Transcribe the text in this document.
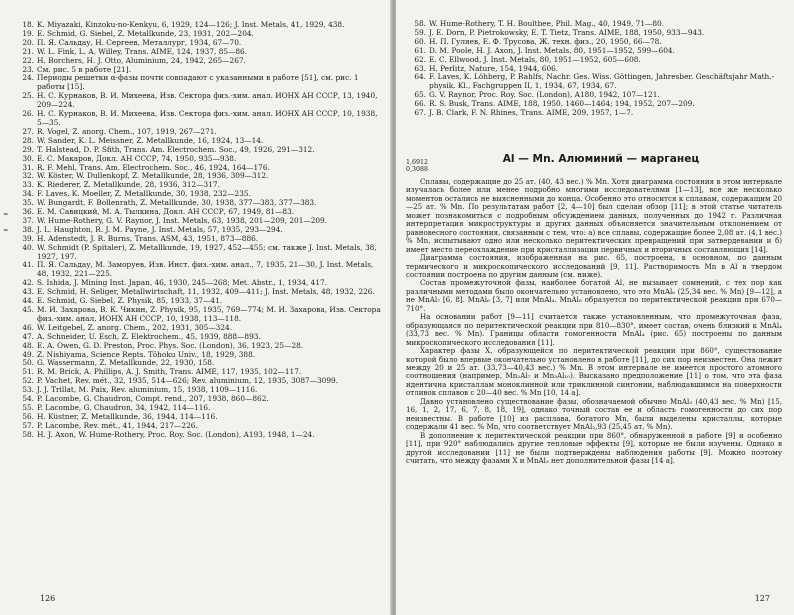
18. K. Miyazaki, Kinzoku-no-Kenkyu, 6, 1929, 124—126; J. Inst. Metals, 41, 1929, 438.
19. E. Schmid, G. Siebel, Z. Metallkunde, 23, 1931, 202—204.
20. П. Я. Сальдау, Н. Сергеев, Металлург, 1934, 67—70.
21. W. L. Fink, L. A. Willey, Trans. AIME, 124, 1937, 85—86.
22. H. Borchers, H. J. Otto, Aluminium, 24, 1942, 265—267.
23. См. рис. 5 в работе [21].
24. Периоды решетки α-фазы почти совпадают с указанными в работе [51], см. рис. 1 работы [15].
25. Н. С. Курнаков, В. И. Михеева, Изв. Сектора физ.-хим. анал. ИОНХ АН СССР, 13, 1940, 209—224.
26. Н. С. Курнаков, В. И. Михеева, Изв. Сектора физ.-хим. анал. ИОНХ АН СССР, 10, 1938, 5—35.
27. R. Vogel, Z. anorg. Chem., 107, 1919, 267—271.
28. W. Sander, K. L. Meissner, Z. Metallkunde, 16, 1924, 13—14.
29. T. Halstead, D. P. Sfith, Trans. Am. Electrochem. Soc., 49, 1926, 291—312.
30. Е. С. Макаров, Докл. АН СССР, 74, 1950, 935—938.
31. R. F. Mehl, Trans. Am. Electrochem. Soc., 46, 1924, 164—176.
32. W. Köster, W. Dullenkopf, Z. Metallkunde, 28, 1936, 309—312.
33. K. Riederer, Z. Metallkunde, 28, 1936, 312—317.
34. F. Laves, K. Moeller, Z. Metallkunde, 30, 1938, 232—235.
35. W. Bungardt, F. Bollenrath, Z. Metallkunde, 30, 1938, 377—383, 377—383.
36. Е. М. Савицкий, М. А. Тылкина, Докл. АН СССР, 67, 1949, 81—83.
37. W. Hume-Rothery, G. V. Raynor, J. Inst. Metals, 63, 1938, 201—209, 201—209.
38. J. L. Haughton, R. J. M. Payne, J. Inst. Metals, 57, 1935, 293—294.
39. H. Adenstedt, J. R. Burns, Trans. ASM, 43, 1951, 873—886.
40. W. Schmidt (P. Spitaler), Z. Metallkunde, 19, 1927, 452—455; см. также J. Inst. Metals, 38, 1927, 197.
41. П. Я. Сальдау, М. Заморуев, Изв. Инст. физ.-хим. анал., 7, 1935, 21—30, J. Inst. Metals, 48, 1932, 221—225.
42. S. Ishida, J. Mining Inst. Japan, 46, 1930, 245—268; Met. Abstr., 1, 1934, 417.
43. E. Schmid, H. Seliger, Metallwirtschaft, 11, 1932, 409—411; J. Inst. Metals, 48, 1932, 226.
44. E. Schmid, G. Siebel, Z. Physik, 85, 1933, 37—41.
45. М. И. Захарова, В. К. Чикин, Z. Physik, 95, 1935, 769—774; М. И. Захарова, Изв. Сектора физ.-хим. анал. ИОНХ АН СССР, 10, 1938, 113—118.
46. W. Leitgebel, Z. anorg. Chem., 202, 1931, 305—324.
47. A. Schneider, U. Esch, Z. Elektrochem., 45, 1939, 888—893.
48. E. A. Owen, G. D. Preston, Proc. Phys. Soc. (London), 36, 1923, 25—28.
49. Z. Nishiyama, Science Repts. Tôhoku Univ., 18, 1929, 388.
50. G. Wassermann, Z. Metallkunde, 22, 1930, 158.
51. R. M. Brick, A. Phillips, A. J. Smith, Trans. AIME, 117, 1935, 102—117.
52. P. Vachet, Rev. mét., 32, 1935, 514—626; Rev. aluminium, 12, 1935, 3087—3099.
53. J. J. Trillat, M. Paix, Rev. aluminium, 15, 1938, 1109—1116.
54. P. Lacombe, G. Chaudron, Compt. rend., 207, 1938, 860—862.
55. P. Lacombe, G. Chaudron, 34, 1942, 114—116.
56. H. Küstner, Z. Metallkunde, 36, 1944, 114—116.
57. P. Lacombe, Rev. mét., 41, 1944, 217—226.
58. H. J. Axon, W. Hume-Rothery, Proc. Roy. Soc. (London), A193, 1948, 1—24.
≈
≈
126
58. W. Hume-Rothery, T. H. Boultbee, Phil. Mag., 40, 1949, 71—80.
59. J. E. Dorn, P. Pietrokowsky, E. T. Tietz, Trans. AIME, 188, 1950, 933—943.
60. Н. П. Гуляев, Е. Ф. Трусова, Ж. техн. физ., 20, 1950, 66—78.
61. D. M. Poole, H. J. Axon, J. Inst. Metals, 80, 1951—1952, 599—604.
62. E. C. Ellwood, J. Inst. Metals, 80, 1951—1952, 605—608.
63. H. Perlitz, Nature, 154, 1944, 606.
64. F. Laves, K. Löhberg, P. Rahlfs, Nachr. Ges. Wiss. Göttingen, Jahresber. Geschäftsjahr Math.-physik. Kl., Fachgruppen II, 1, 1934, 67, 1934, 67.
65. G. V. Raynor, Proc. Roy. Soc. (London), A180, 1942, 107—121.
66. R. S. Busk, Trans. AIME, 188, 1950, 1460—1464; 194, 1952, 207—209.
67. J. B. Clark, F. N. Rhines, Trans. AIME, 209, 1957, 1—7.
1,6912
0,3088
Al — Mn. Алюминий — марганец

Сплавы, содержащие до 25 ат. (40, 43 вес.) % Mn. Хотя диаграмма состояния в этом интервале изучалась более или менее подробно многими исследователями [1—13], все же несколько моментов остались не выясненными до конца. Особенно это относится к сплавам, содержащим 20—25 ат. % Mn. По результатам работ [2, 4—10] был сделан обзор [11]; в этой статье читатель может познакомиться с подробным обсуждением данных, полученных до 1942 г. Различная интерпретация микроструктуры и других данных объясняется значительным отклонением от равновесного состояния, связанным с тем, что: а) все сплавы, содержащие более 2,08 ат. (4,1 вес.) % Mn, испытывают одно или несколько перитектических превращений при затвердевании и б) имеет место переохлаждение при кристаллизации первичных и вторичных составляющих [14].

Диаграмма состояния, изображенная на рис. 65, построена, в основном, по данным термического и микроскопического исследований [9, 11]. Растворимость Mn в Al в твердом состоянии построена по другим данным (см. ниже).

Состав промежуточной фазы, наиболее богатой Al, не вызывает сомнений, с тех пор как различными методами было окончательно установлено, что это MnAl₆ (25,34 вес. % Mn) [9—12], а не MnAl₇ [6, 8]. MnAl₆ [3, 7] или MnAl₄. MnAl₆ образуется по перитектической реакции при 670—710°.

На основании работ [9—11] считается также установленным, что промежуточная фаза, образующаяся по перитектической реакции при 810—830°, имеет состав, очень близкий к MnAl₄ (33,73 вес. % Mn). Границы области гомогенности MnAl₄ (рис. 65) построены по данным микроскопического исследования [11].

Характер фазы X, образующейся по перитектической реакции при 860°, существование которой было впервые окончательно установлено в работе [11], до сих пор неизвестен. Она лежит между 20 и 25 ат. (33,73—40,43 вес.) % Mn. В этом интервале не имеется простого атомного соотношения (например, Mn₂Al₇ и Mn₃Al₁₀). Высказано предположение [11] о том, что эта фаза идентична кристаллам моноклинной или триклинной сингонии, наблюдавшимся на поверхности отливок сплавов с 20—40 вес. % Mn [10, 14 а].

Давно установлено существование фазы, обозначаемой обычно MnAl₃ (40,43 вес. % Mn) [15, 16, 1, 2, 17, 6, 7, 8, 18, 19], однако точный состав ее и область гомогенности до сих пор неизвестны. В работе [10] из расплава, богатого Mn, были выделены кристаллы, которые содержали 41 вес. % Mn, что соответствует MnAl₂,93 (25,45 ат. % Mn).

В дополнение к перитектической реакции при 860°, обнаруженной в работе [9] и особенно [11], при 920° наблюдались другие тепловые эффекты [9], которые не были изучены. Однако в другой исследовании [11] не были подтверждены наблюдения работы [9]. Можно поэтому считать, что между фазами X и MnAl₃ нет дополнительной фазы [14 а].

127
